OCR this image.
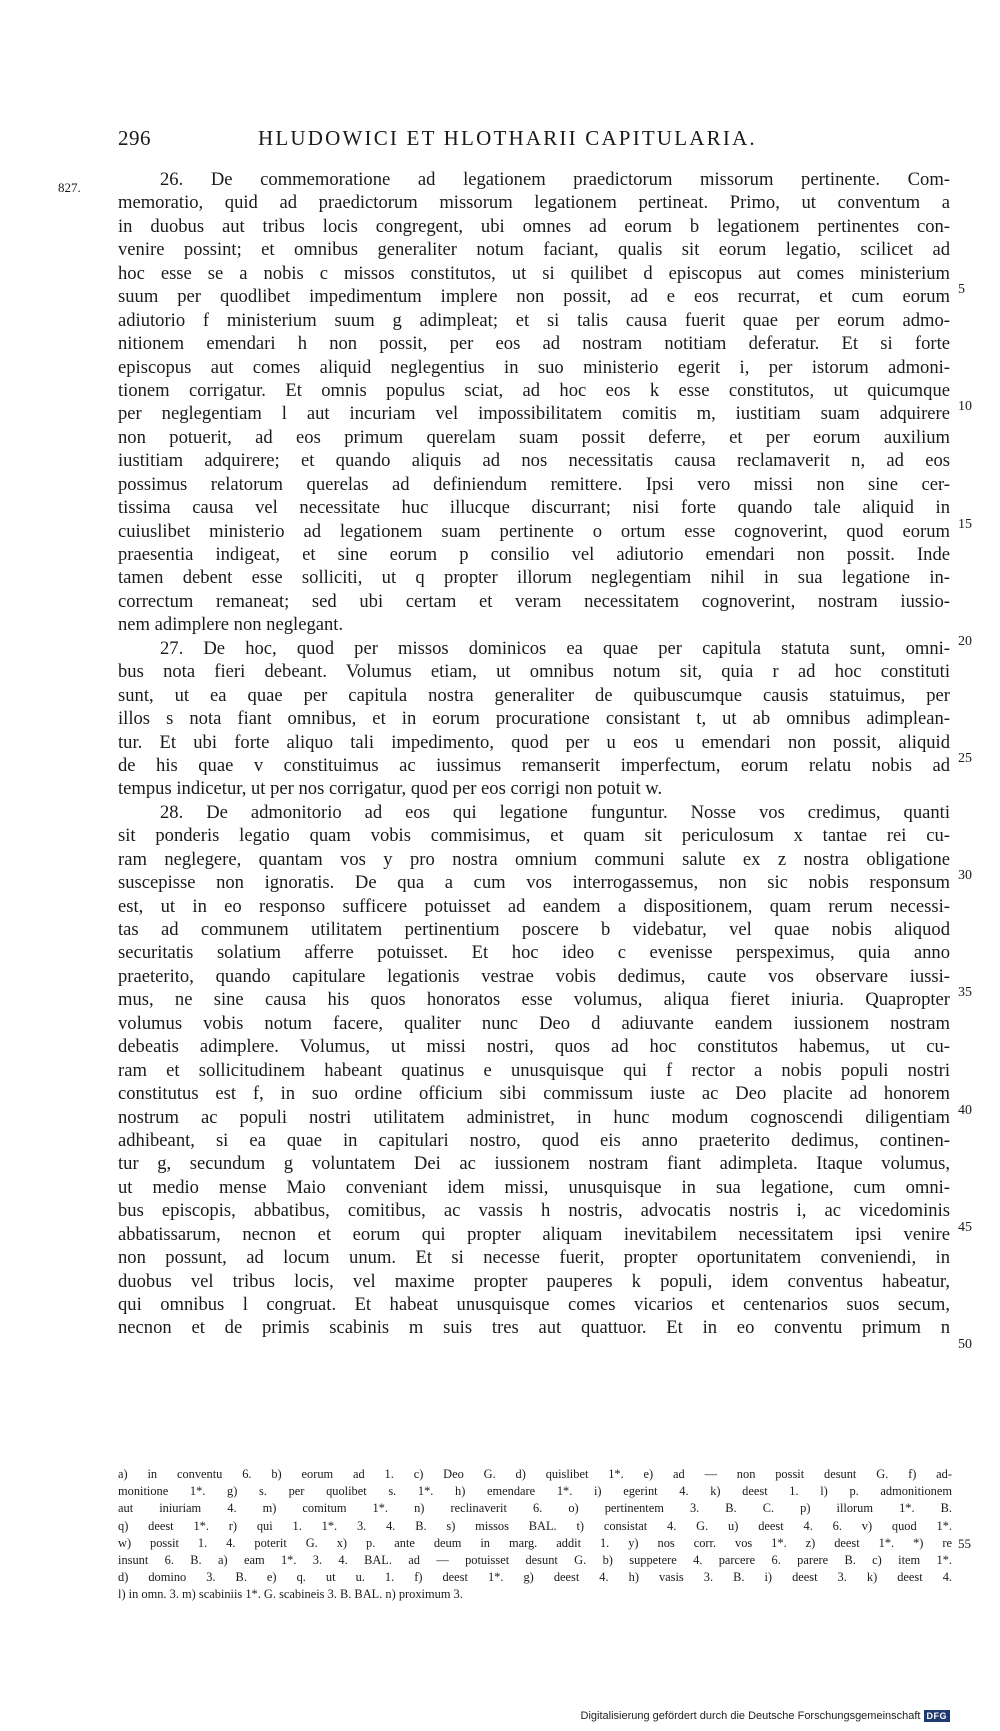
296	HLUDOWICI ET HLOTHARII CAPITULARIA.
827.	26. De commemoratione ad legationem praedictorum missorum pertinente. Com-
memoratio, quid ad praedictorum missorum legationem pertineat. Primo, ut conventum a
in duobus aut tribus locis congregent, ubi omnes ad eorum b legationem pertinentes con-
venire possint; et omnibus generaliter notum faciant, qualis sit eorum legatio, scilicet ad
hoc esse se a nobis c missos constitutos, ut si quilibet d episcopus aut comes ministerium
suum per quodlibet impedimentum implere non possit, ad e eos recurrat, et cum eorum
adiutorio f ministerium suum g adimpleat; et si talis causa fuerit quae per eorum admo-
nitionem emendari h non possit, per eos ad nostram notitiam deferatur. Et si forte
episcopus aut comes aliquid neglegentius in suo ministerio egerit i, per istorum admoni-
tionem corrigatur. Et omnis populus sciat, ad hoc eos k esse constitutos, ut quicumque
per neglegentiam l aut incuriam vel impossibilitatem comitis m, iustitiam suam adquirere
non potuerit, ad eos primum querelam suam possit deferre, et per eorum auxilium
iustitiam adquirere; et quando aliquis ad nos necessitatis causa reclamaverit n, ad eos
possimus relatorum querelas ad definiendum remittere. Ipsi vero missi non sine cer-
tissima causa vel necessitate huc illucque discurrant; nisi forte quando tale aliquid in
cuiuslibet ministerio ad legationem suam pertinente o ortum esse cognoverint, quod eorum
praesentia indigeat, et sine eorum p consilio vel adiutorio emendari non possit. Inde
tamen debent esse solliciti, ut q propter illorum neglegentiam nihil in sua legatione in-
correctum remaneat; sed ubi certam et veram necessitatem cognoverint, nostram iussio-
nem adimplere non neglegant.
27. De hoc, quod per missos dominicos ea quae per capitula statuta sunt, omni-
bus nota fieri debeant. Volumus etiam, ut omnibus notum sit, quia r ad hoc constituti
sunt, ut ea quae per capitula nostra generaliter de quibuscumque causis statuimus, per
illos s nota fiant omnibus, et in eorum procuratione consistant t, ut ab omnibus adimplean-
tur. Et ubi forte aliquo tali impedimento, quod per u eos u emendari non possit, aliquid
de his quae v constituimus ac iussimus remanserit imperfectum, eorum relatu nobis ad
tempus indicetur, ut per nos corrigatur, quod per eos corrigi non potuit w.
28. De admonitorio ad eos qui legatione funguntur. Nosse vos credimus, quanti
sit ponderis legatio quam vobis commisimus, et quam sit periculosum x tantae rei cu-
ram neglegere, quantam vos y pro nostra omnium communi salute ex z nostra obligatione
suscepisse non ignoratis. De qua a cum vos interrogassemus, non sic nobis responsum
est, ut in eo responso sufficere potuisset ad eandem a dispositionem, quam rerum necessi-
tas ad communem utilitatem pertinentium poscere b videbatur, vel quae nobis aliquod
securitatis solatium afferre potuisset. Et hoc ideo c evenisse perspeximus, quia anno
praeterito, quando capitulare legationis vestrae vobis dedimus, caute vos observare iussi-
mus, ne sine causa his quos honoratos esse volumus, aliqua fieret iniuria. Quapropter
volumus vobis notum facere, qualiter nunc Deo d adiuvante eandem iussionem nostram
debeatis adimplere. Volumus, ut missi nostri, quos ad hoc constitutos habemus, ut cu-
ram et sollicitudinem habeant quatinus e unusquisque qui f rector a nobis populi nostri
constitutus est f, in suo ordine officium sibi commissum iuste ac Deo placite ad honorem
nostrum ac populi nostri utilitatem administret, in hunc modum cognoscendi diligentiam
adhibeant, si ea quae in capitulari nostro, quod eis anno praeterito dedimus, continen-
tur g, secundum g voluntatem Dei ac iussionem nostram fiant adimpleta. Itaque volumus,
ut medio mense Maio conveniant idem missi, unusquisque in sua legatione, cum omni-
bus episcopis, abbatibus, comitibus, ac vassis h nostris, advocatis nostris i, ac vicedominis
abbatissarum, necnon et eorum qui propter aliquam inevitabilem necessitatem ipsi venire
non possunt, ad locum unum. Et si necesse fuerit, propter oportunitatem conveniendi, in
duobus vel tribus locis, vel maxime propter pauperes k populi, idem conventus habeatur,
qui omnibus l congruat. Et habeat unusquisque comes vicarios et centenarios suos secum,
necnon et de primis scabinis m suis tres aut quattuor. Et in eo conventu primum n
5
10
15
20
25
30
35
40
45
50
a) in conventu 6. b) eorum ad 1. c) Deo G. d) quislibet 1*. e) ad — non possit desunt G. f) ad-
monitione 1*. g) s. per quolibet s. 1*. h) emendare 1*. i) egerint 4. k) deest 1. l) p. admonitionem
aut iniuriam 4. m) comitum 1*. n) reclinaverit 6. o) pertinentem 3. B. C. p) illorum 1*. B.
q) deest 1*. r) qui 1. 1*. 3. 4. B. s) missos BAL. t) consistat 4. G. u) deest 4. 6. v) quod 1*.
w) possit 1. 4. poterit G. x) p. ante deum in marg. addit 1. y) nos corr. vos 1*. z) deest 1*. *) re
insunt 6. B. a) eam 1*. 3. 4. BAL. ad — potuisset desunt G. b) suppetere 4. parcere 6. parere B. c) item 1*.
d) domino 3. B. e) q. ut u. 1. f) deest 1*. g) deest 4. h) vasis 3. B. i) deest 3. k) deest 4.
l) in omn. 3. m) scabiniis 1*. G. scabineis 3. B. BAL. n) proximum 3.
55
Digitalisierung gefördert durch die Deutsche Forschungsgemeinschaft DFG
